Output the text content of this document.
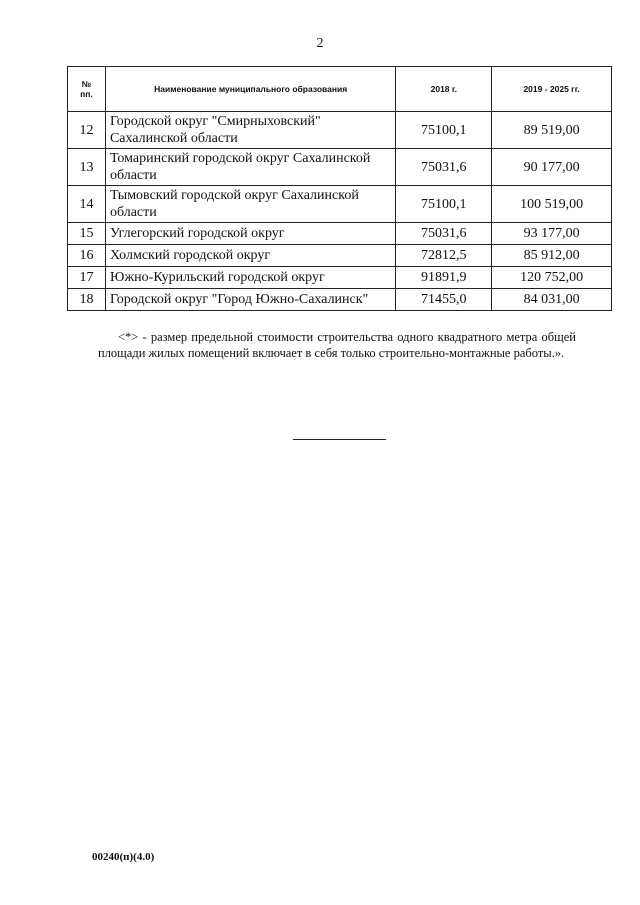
2
№
пп.	Наименование муниципального образования	2018 г.	2019 - 2025 гг.
12	Городской округ "Смирныховский" Сахалинской области	75100,1	89 519,00
13	Томаринский городской округ Сахалинской области	75031,6	90 177,00
14	Тымовский городской округ Сахалинской области	75100,1	100 519,00
15	Углегорский городской округ	75031,6	93 177,00
16	Холмский городской округ	72812,5	85 912,00
17	Южно-Курильский городской округ	91891,9	120 752,00
18	Городской округ "Город Южно-Сахалинск"	71455,0	84 031,00
<*> - размер предельной стоимости строительства одного квадратного метра общей площади жилых помещений включает в себя только строительно-монтажные работы.».
00240(п)(4.0)
